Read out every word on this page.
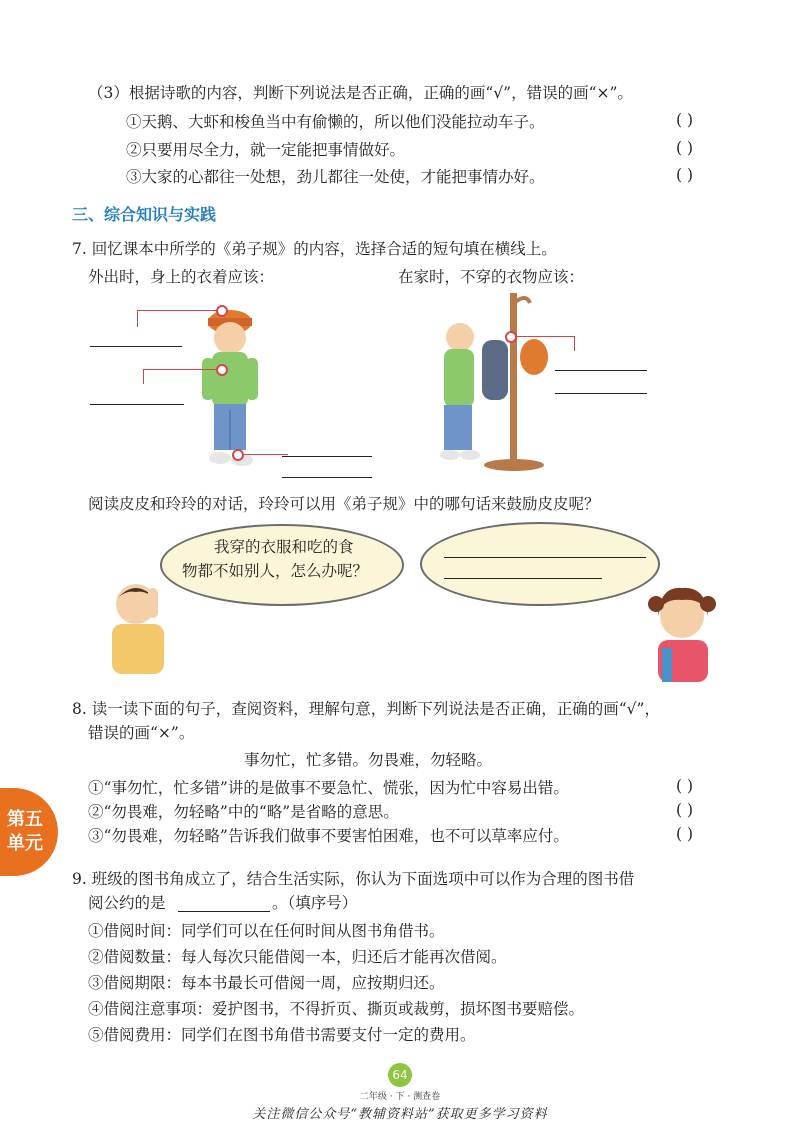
（3）根据诗歌的内容，判断下列说法是否正确，正确的画“√”，错误的画“×”。
①天鹅、大虾和梭鱼当中有偷懒的，所以他们没能拉动车子。	( )
②只要用尽全力，就一定能把事情做好。	( )
③大家的心都往一处想，劲儿都往一处使，才能把事情办好。	( )
三、综合知识与实践
7. 回忆课本中所学的《弟子规》的内容，选择合适的短句填在横线上。
外出时，身上的衣着应该：	在家时，不穿的衣物应该：
阅读皮皮和玲玲的对话，玲玲可以用《弟子规》中的哪句话来鼓励皮皮呢？
我穿的衣服和吃的食
物都不如别人，怎么办呢？
8. 读一读下面的句子，查阅资料，理解句意，判断下列说法是否正确，正确的画“√”，
错误的画“×”。
事勿忙，忙多错。勿畏难，勿轻略。
①“事勿忙，忙多错”讲的是做事不要急忙、慌张，因为忙中容易出错。	( )
②“勿畏难，勿轻略”中的“略”是省略的意思。	( )
③“勿畏难，勿轻略”告诉我们做事不要害怕困难，也不可以草率应付。	( )
第五
单元
9. 班级的图书角成立了，结合生活实际，你认为下面选项中可以作为合理的图书借
阅公约的是	。（填序号）
①借阅时间：同学们可以在任何时间从图书角借书。
②借阅数量：每人每次只能借阅一本，归还后才能再次借阅。
③借阅期限：每本书最长可借阅一周，应按期归还。
④借阅注意事项：爱护图书，不得折页、撕页或裁剪，损坏图书要赔偿。
⑤借阅费用：同学们在图书角借书需要支付一定的费用。
64
二年级 · 下 · 测查卷
关注微信公众号“教辅资料站”获取更多学习资料
